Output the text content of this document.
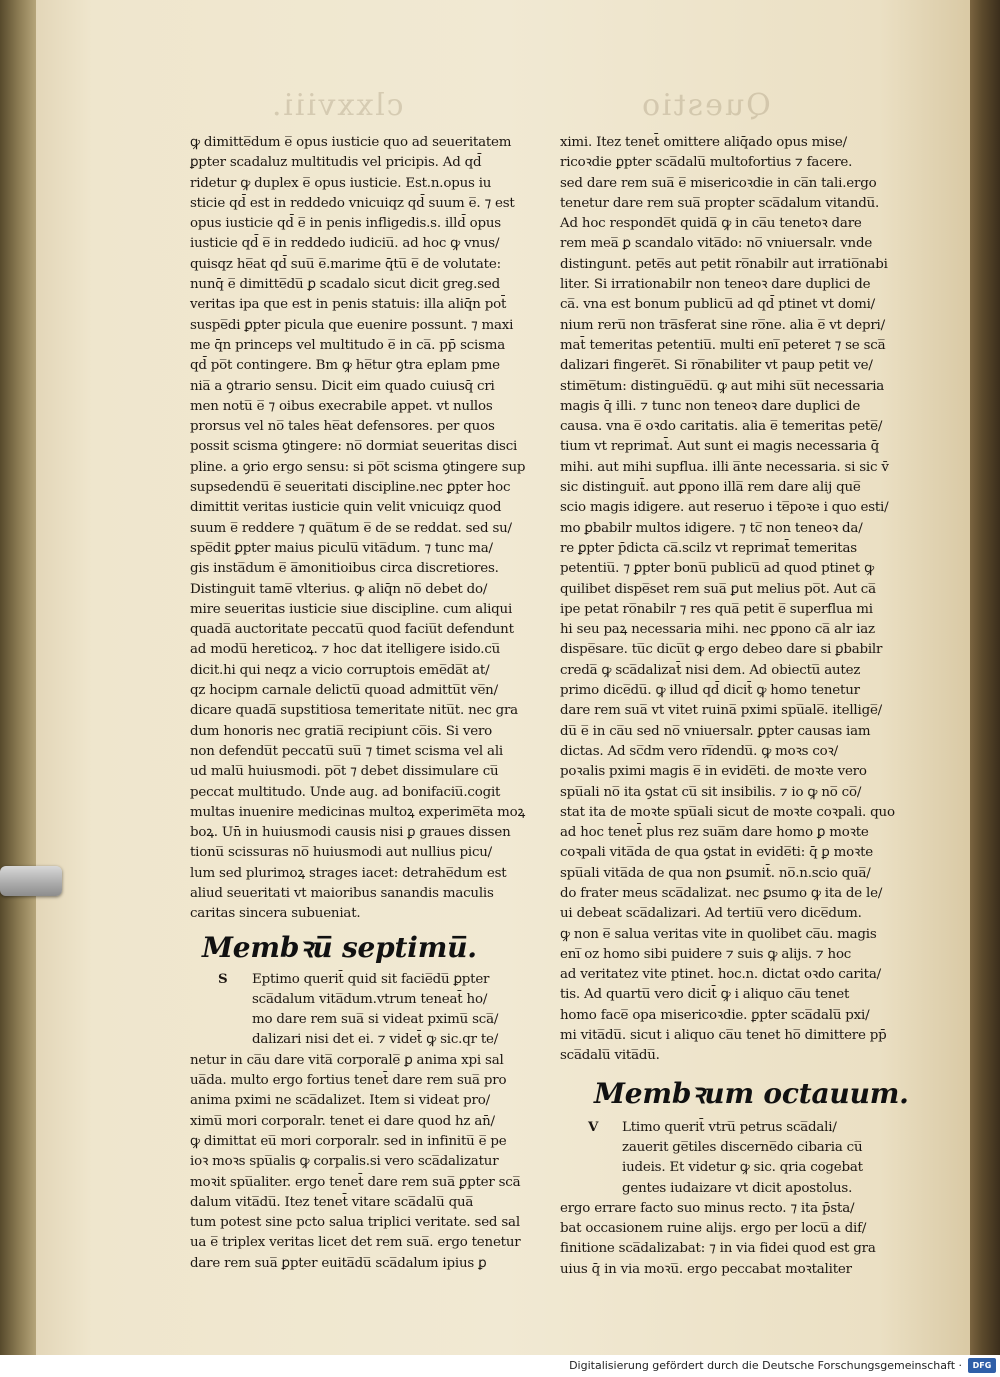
clxxviii.	Questio

ꝙ dimitte̅dum e̅ opus iusticie quo ad seueritatem

ꝑpter scadaluz multitudis vel pricipis. Ad qd̄

ridetur ꝙ duplex e̅ opus iusticie. Est.n.opus iu

sticie qd̄ est in reddedo vnicuiqz qd̄ suum e̅. ⁊ est

opus iusticie qd̄ e̅ in penis infligedis.s. illd̄ opus

iusticie qd̄ e̅ in reddedo iudiciu̅. ad hoc ꝙ vnus/

quisqz he̅at qd̄ suu̅ e̅.marime q̄tu̅ e̅ de volutate:

nunq̄ e̅ dimitte̅du̅ ꝑ scadalo sicut dicit greg.sed

veritas ipa que est in penis statuis: illa aliq̄n pot̄

suspe̅di ꝑpter picula que euenire possunt. ⁊ maxi

me q̄n princeps vel multitudo e̅ in ca̅. pp̄ scisma

qd̄ po̅t contingere. Bm ꝙ he̅tur ꝯtra eplam pme

nia̅ a ꝯtrario sensu. Dicit eim quado cuiusq̄ cri

men notu̅ e̅ ⁊ oibus execrabile appet. vt nullos

prorsus vel no̅ tales he̅at defensores. per quos

possit scisma ꝯtingere: no̅ dormiat seueritas disci

pline. a ꝯrio ergo sensu: si po̅t scisma ꝯtingere sup

supsedendu̅ e̅ seueritati discipline.nec ꝑpter hoc

dimittit veritas iusticie quin velit vnicuiqz quod

suum e̅ reddere ⁊ qua̅tum e̅ de se reddat. sed su/

spe̅dit ꝑpter maius piculu̅ vita̅dum. ⁊ tunc ma/

gis insta̅dum e̅ a̅monitioibus circa discretiores.

Distinguit tame̅ vlterius. ꝙ aliq̄n no̅ debet do/

mire seueritas iusticie siue discipline. cum aliqui

quada̅ auctoritate peccatu̅ quod faciu̅t defendunt

ad modu̅ hereticoꝝ. ⁊ hoc dat itelligere isido.cu̅

dicit.hi qui neqz a vicio corruptois eme̅da̅t at/

qz hocipm carnale delictu̅ quoad admittu̅t ve̅n/

dicare quada̅ supstitiosa temeritate nitu̅t. nec gra

dum honoris nec gratia̅ recipiunt co̅is. Si vero

non defendu̅t peccatu̅ suu̅ ⁊ timet scisma vel ali

ud malu̅ huiusmodi. po̅t ⁊ debet dissimulare cu̅

peccat multitudo. Unde aug. ad bonifaciu̅.cogit

multas inuenire medicinas multoꝝ experime̅ta moꝝ

boꝝ. Un̄ in huiusmodi causis nisi ꝑ graues dissen

tionu̅ scissuras no̅ huiusmodi aut nullius picu/

lum sed plurimoꝝ strages iacet: detrahe̅dum est

aliud seueritati vt maioribus sanandis maculis

caritas sincera subueniat.

Membꝛu̅ septimu̅.

S Eptimo querit̄ quid sit facie̅du̅ ꝑpter

sca̅dalum vita̅dum.vtrum teneat̄ ho/

mo dare rem sua̅ si videat pximu̅ sca̅/

dalizari nisi det ei. ⁊ videt̄ ꝙ sic.qr te/

netur in ca̅u dare vita̅ corporale̅ ꝑ anima xpi sal

ua̅da. multo ergo fortius tenet̄ dare rem sua̅ pro

anima pximi ne sca̅dalizet. Item si videat pro/

ximu̅ mori corporalr. tenet ei dare quod hz an̄/

ꝙ dimittat eu̅ mori corporalr. sed in infinitu̅ e̅ pe

ioꝛ moꝛs spu̅alis ꝙ corpalis.si vero sca̅dalizatur

moꝛit spu̅aliter. ergo tenet̄ dare rem sua̅ ꝑpter sca̅

dalum vita̅du̅. Itez tenet̄ vitare sca̅dalu̅ qua̅

tum potest sine pcto salua triplici veritate. sed sal

ua e̅ triplex veritas licet det rem sua̅. ergo tenetur

dare rem sua̅ ꝑpter euita̅du̅ sca̅dalum ipius ꝑ

ximi. Itez tenet̄ omittere aliq̄ado opus mise/

ricoꝛdie ꝑpter sca̅dalu̅ multofortius ⁊ facere.

sed dare rem sua̅ e̅ misericoꝛdie in ca̅n tali.ergo

tenetur dare rem sua̅ propter sca̅dalum vitandu̅.

Ad hoc responde̅t quida̅ ꝙ in ca̅u tenetoꝛ dare

rem mea̅ ꝑ scandalo vita̅do: no̅ vniuersalr. vnde

distingunt. pete̅s aut petit ro̅nabilr aut irratio̅nabi

liter. Si irrationabilr non teneoꝛ dare duplici de

ca̅. vna est bonum publicu̅ ad qd̄ ptinet vt domi/

nium reru̅ non tra̅sferat sine ro̅ne. alia e̅ vt depri/

mat̄ temeritas petentiu̅. multi eni̅ peteret ⁊ se sca̅

dalizari fingere̅t. Si ro̅nabiliter vt paup petit ve/

stime̅tum: distingue̅du̅. ꝙ aut mihi su̅t necessaria

magis q̄ illi. ⁊ tunc non teneoꝛ dare duplici de

causa. vna e̅ oꝛdo caritatis. alia e̅ temeritas pete̅/

tium vt reprimat̄. Aut sunt ei magis necessaria q̄

mihi. aut mihi supflua. illi a̅nte necessaria. si sic v̄

sic distinguit̄. aut ꝑpono illa̅ rem dare alij que̅

scio magis idigere. aut reseruo i te̅poꝛe i quo esti/

mo ꝑbabilr multos idigere. ⁊ tc̅ non teneoꝛ da/

re ꝑpter p̄dicta ca̅.scilz vt reprimat̄ temeritas

petentiu̅. ⁊ ꝑpter bonu̅ publicu̅ ad quod ptinet ꝙ

quilibet dispe̅set rem sua̅ ꝑut melius po̅t. Aut ca̅

ipe petat ro̅nabilr ⁊ res qua̅ petit e̅ superflua mi

hi seu paꝝ necessaria mihi. nec ꝑpono ca̅ alr iaz

dispe̅sare. tu̅c dicu̅t ꝙ ergo debeo dare si ꝑbabilr

creda̅ ꝙ sca̅dalizat̄ nisi dem. Ad obiectu̅ autez

primo dice̅du̅. ꝙ illud qd̄ dicit̄ ꝙ homo tenetur

dare rem sua̅ vt vitet ruina̅ pximi spu̅ale̅. itellige̅/

du̅ e̅ in ca̅u sed no̅ vniuersalr. ꝑpter causas iam

dictas. Ad sc̅dm vero ri̅dendu̅. ꝙ moꝛs coꝛ/

poꝛalis pximi magis e̅ in evide̅ti. de moꝛte vero

spu̅ali no̅ ita ꝯstat cu̅ sit insibilis. ⁊ io ꝙ no̅ co̅/

stat ita de moꝛte spu̅ali sicut de moꝛte coꝛpali. quo

ad hoc tenet̄ plus rez sua̅m dare homo ꝑ moꝛte

coꝛpali vita̅da de qua ꝯstat in evide̅ti: q̄ ꝑ moꝛte

spu̅ali vita̅da de qua non ꝑsumit̄. no̅.n.scio qua̅/

do frater meus sca̅dalizat. nec ꝑsumo ꝙ ita de le/

ui debeat sca̅dalizari. Ad tertiu̅ vero dice̅dum.

ꝙ non e̅ salua veritas vite in quolibet ca̅u. magis

eni̅ oz homo sibi puidere ⁊ suis ꝙ alijs. ⁊ hoc

ad veritatez vite ptinet. hoc.n. dictat oꝛdo carita/

tis. Ad quartu̅ vero dicit̄ ꝙ i aliquo ca̅u tenet

homo face̅ opa misericoꝛdie. ꝑpter sca̅dalu̅ pxi/

mi vita̅du̅. sicut i aliquo ca̅u tenet ho̅ dimittere pp̄

sca̅dalu̅ vita̅du̅.

Membꝛum octauum.

V Ltimo querit̄ vtru̅ petrus sca̅dali/

zauerit ge̅tiles discerne̅do cibaria cu̅

iudeis. Et videtur ꝙ sic. qria cogebat

gentes iudaizare vt dicit apostolus.

ergo errare facto suo minus recto. ⁊ ita p̄sta/

bat occasionem ruine alijs. ergo per locu̅ a dif/

finitione sca̅dalizabat: ⁊ in via fidei quod est gra

uius q̄ in via moꝛu̅. ergo peccabat moꝛtaliter

Digitalisierung gefördert durch die Deutsche Forschungsgemeinschaft ·	DFG
